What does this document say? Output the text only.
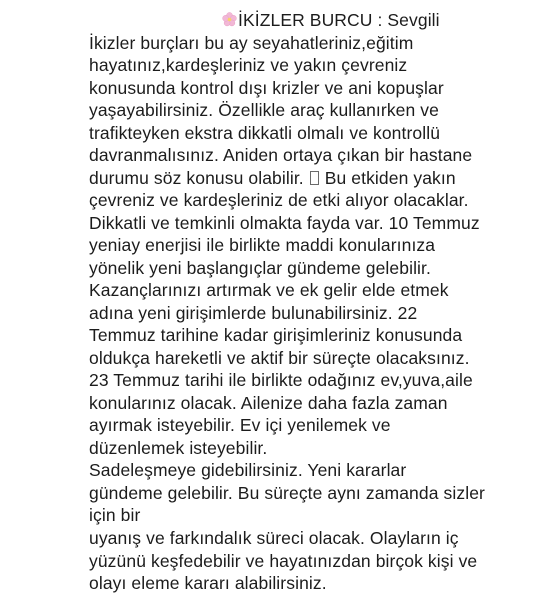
İKİZLER BURCU : Sevgili
İkizler burçları bu ay seyahatleriniz,eğitim
hayatınız,kardeşleriniz ve yakın çevreniz
konusunda kontrol dışı krizler ve ani kopuşlar
yaşayabilirsiniz. Özellikle araç kullanırken ve
trafikteyken ekstra dikkatli olmalı ve kontrollü
davranmalısınız. Aniden ortaya çıkan bir hastane
durumu söz konusu olabilir. Bu etkiden yakın
çevreniz ve kardeşleriniz de etki alıyor olacaklar.
Dikkatli ve temkinli olmakta fayda var. 10 Temmuz
yeniay enerjisi ile birlikte maddi konularınıza
yönelik yeni başlangıçlar gündeme gelebilir.
Kazançlarınızı artırmak ve ek gelir elde etmek
adına yeni girişimlerde bulunabilirsiniz. 22
Temmuz tarihine kadar girişimleriniz konusunda
oldukça hareketli ve aktif bir süreçte olacaksınız.
23 Temmuz tarihi ile birlikte odağınız ev,yuva,aile
konularınız olacak. Ailenize daha fazla zaman
ayırmak isteyebilir. Ev içi yenilemek ve
düzenlemek isteyebilir.
Sadeleşmeye gidebilirsiniz. Yeni kararlar
gündeme gelebilir. Bu süreçte aynı zamanda sizler
için bir
uyanış ve farkındalık süreci olacak. Olayların iç
yüzünü keşfedebilir ve hayatınızdan birçok kişi ve
olayı eleme kararı alabilirsiniz.
